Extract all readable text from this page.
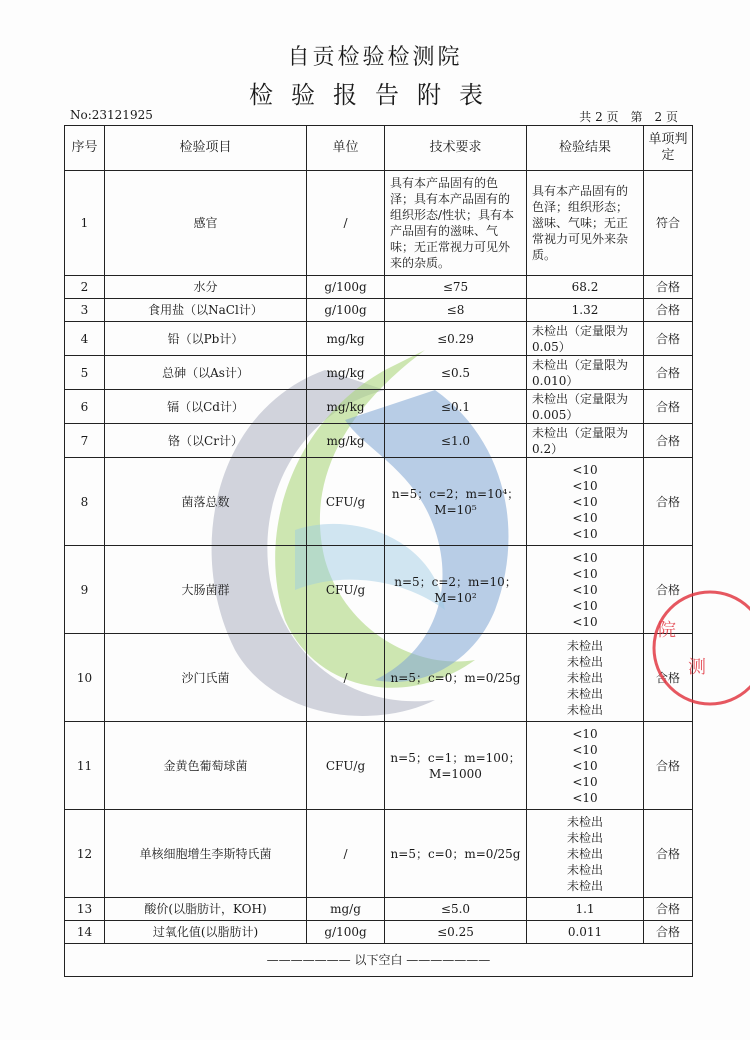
院
测
自贡检验检测院
检验报告附表
No:23121925	共 2 页　第　2 页
序号	检验项目	单位	技术要求	检验结果	单项判定
1	感官	/	具有本产品固有的色泽；具有本产品固有的组织形态/性状；具有本产品固有的滋味、气味；无正常视力可见外来的杂质。	具有本产品固有的色泽；组织形态；滋味、气味；无正常视力可见外来杂质。	符合
2	水分	g/100g	≤75	68.2	合格
3	食用盐（以NaCl计）	g/100g	≤8	1.32	合格
4	铅（以Pb计）	mg/kg	≤0.29	未检出（定量限为0.05）	合格
5	总砷（以As计）	mg/kg	≤0.5	未检出（定量限为0.010）	合格
6	镉（以Cd计）	mg/kg	≤0.1	未检出（定量限为0.005）	合格
7	铬（以Cr计）	mg/kg	≤1.0	未检出（定量限为0.2）	合格
8	菌落总数	CFU/g	n=5；c=2；m=10⁴；M=10⁵	<10
<10
<10
<10
<10	合格
9	大肠菌群	CFU/g	n=5；c=2；m=10；M=10²	<10
<10
<10
<10
<10	合格
10	沙门氏菌	/	n=5；c=0；m=0/25g	未检出
未检出
未检出
未检出
未检出	合格
11	金黄色葡萄球菌	CFU/g	n=5；c=1；m=100；M=1000	<10
<10
<10
<10
<10	合格
12	单核细胞增生李斯特氏菌	/	n=5；c=0；m=0/25g	未检出
未检出
未检出
未检出
未检出	合格
13	酸价(以脂肪计，KOH)	mg/g	≤5.0	1.1	合格
14	过氧化值(以脂肪计)	g/100g	≤0.25	0.011	合格
——————— 以下空白 ———————					
